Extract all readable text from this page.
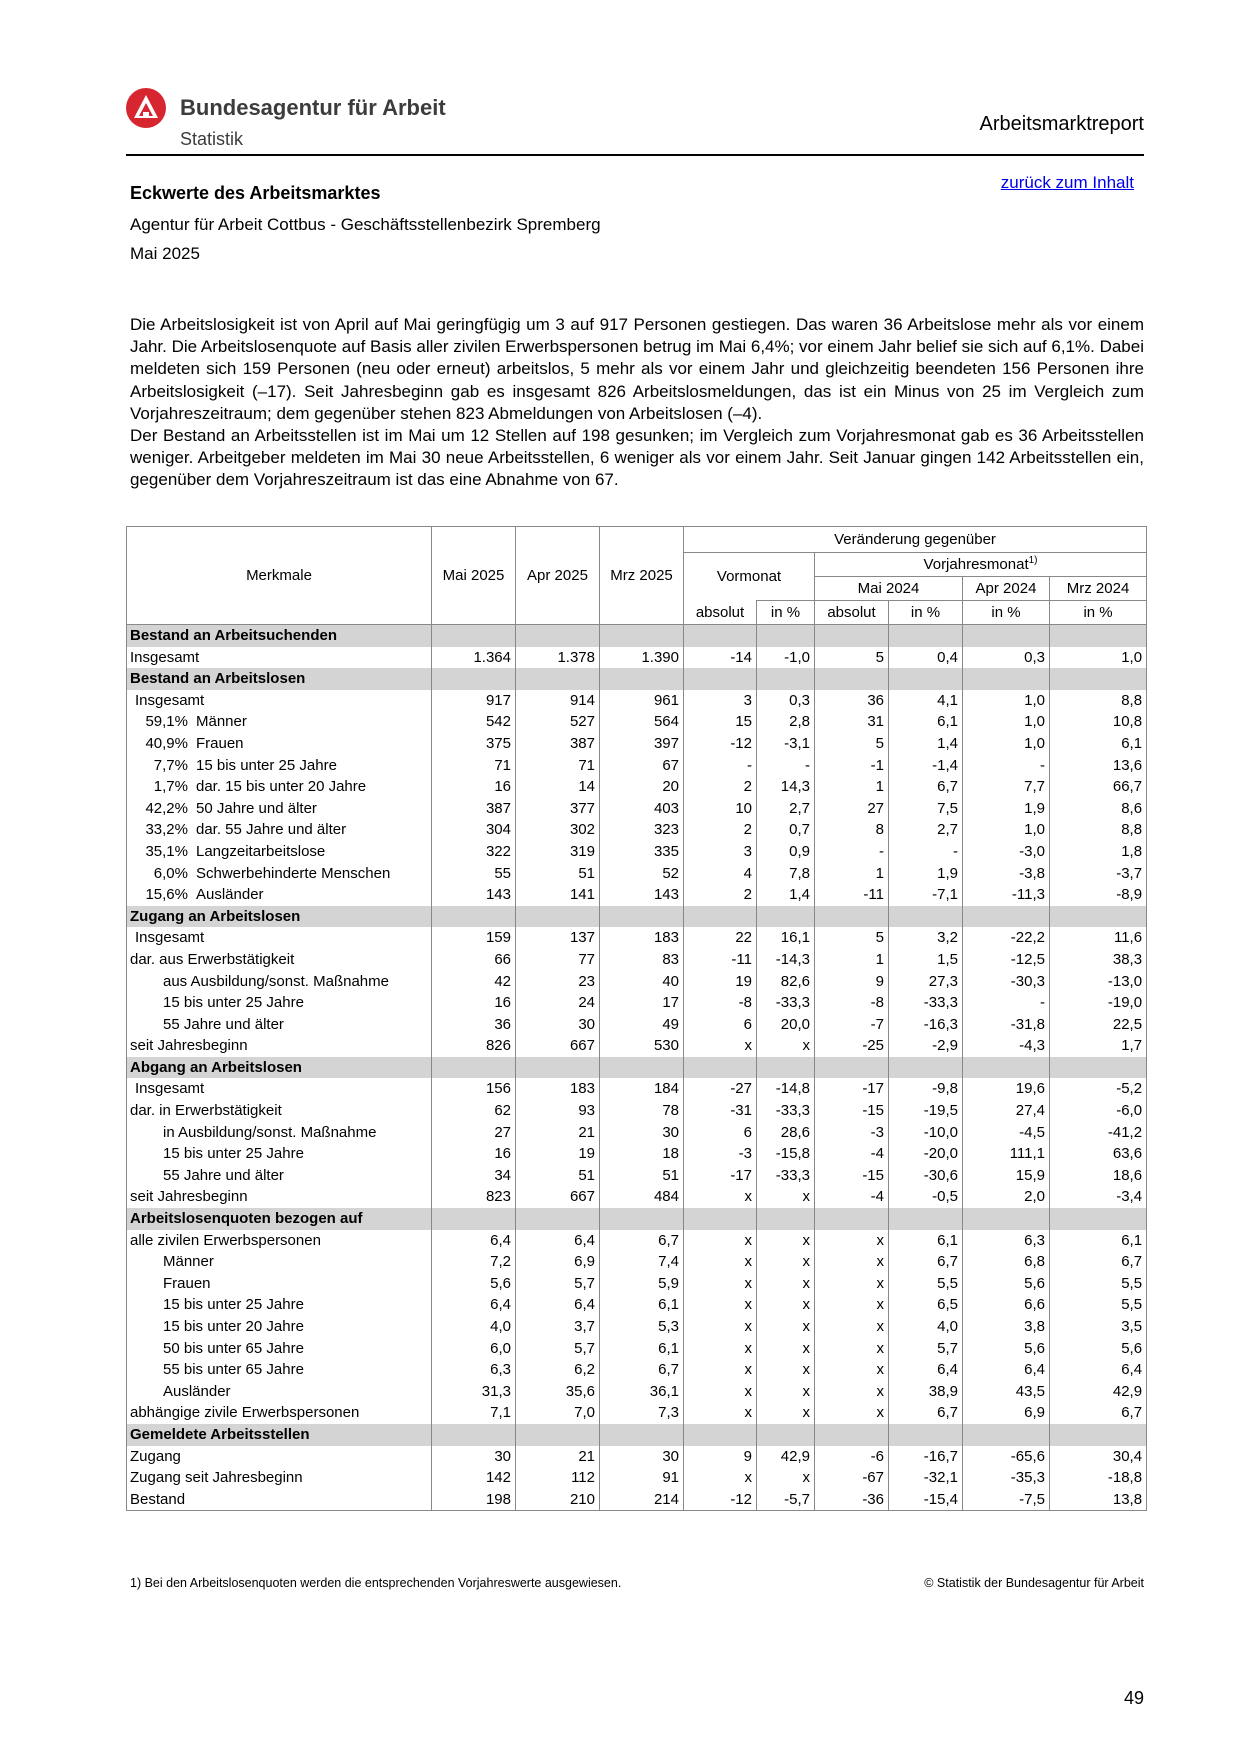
Bundesagentur für Arbeit
Statistik
Arbeitsmarktreport
Eckwerte des Arbeitsmarktes
zurück zum Inhalt
Agentur für Arbeit Cottbus - Geschäftsstellenbezirk Spremberg
Mai 2025

Die Arbeitslosigkeit ist von April auf Mai geringfügig um 3 auf 917 Personen gestiegen. Das waren 36 Arbeitslose mehr als vor einem Jahr. Die Arbeitslosenquote auf Basis aller zivilen Erwerbspersonen betrug im Mai 6,4%; vor einem Jahr belief sie sich auf 6,1%. Dabei meldeten sich 159 Personen (neu oder erneut) arbeitslos, 5 mehr als vor einem Jahr und gleichzeitig beendeten 156 Personen ihre Arbeitslosigkeit (–17). Seit Jahresbeginn gab es insgesamt 826 Arbeitslosmeldungen, das ist ein Minus von 25 im Vergleich zum Vorjahreszeitraum; dem gegenüber stehen 823 Abmeldungen von Arbeitslosen (–4).

Der Bestand an Arbeitsstellen ist im Mai um 12 Stellen auf 198 gesunken; im Vergleich zum Vorjahresmonat gab es 36 Arbeitsstellen weniger. Arbeitgeber meldeten im Mai 30 neue Arbeitsstellen, 6 weniger als vor einem Jahr. Seit Januar gingen 142 Arbeitsstellen ein, gegenüber dem Vorjahreszeitraum ist das eine Abnahme von 67.

Merkmale	Mai 2025	Apr 2025	Mrz 2025	Veränderung gegenüber					
				Vormonat		Vorjahresmonat$^{1)}$
						Mai 2024		Apr 2024	Mrz 2024
				absolut	in %	absolut	in %	in %	in %
Bestand an Arbeitsuchenden									
Insgesamt	1.364	1.378	1.390	-14	-1,0	5	0,4	0,3	1,0
Bestand an Arbeitslosen									
Insgesamt	917	914	961	3	0,3	36	4,1	1,0	8,8
59,1% Männer	542	527	564	15	2,8	31	6,1	1,0	10,8
40,9% Frauen	375	387	397	-12	-3,1	5	1,4	1,0	6,1
7,7% 15 bis unter 25 Jahre	71	71	67	-	-	-1	-1,4	-	13,6
1,7% dar. 15 bis unter 20 Jahre	16	14	20	2	14,3	1	6,7	7,7	66,7
42,2% 50 Jahre und älter	387	377	403	10	2,7	27	7,5	1,9	8,6
33,2% dar. 55 Jahre und älter	304	302	323	2	0,7	8	2,7	1,0	8,8
35,1% Langzeitarbeitslose	322	319	335	3	0,9	-	-	-3,0	1,8
6,0% Schwerbehinderte Menschen	55	51	52	4	7,8	1	1,9	-3,8	-3,7
15,6% Ausländer	143	141	143	2	1,4	-11	-7,1	-11,3	-8,9
Zugang an Arbeitslosen									
Insgesamt	159	137	183	22	16,1	5	3,2	-22,2	11,6
dar. aus Erwerbstätigkeit	66	77	83	-11	-14,3	1	1,5	-12,5	38,3
aus Ausbildung/sonst. Maßnahme	42	23	40	19	82,6	9	27,3	-30,3	-13,0
15 bis unter 25 Jahre	16	24	17	-8	-33,3	-8	-33,3	-	-19,0
55 Jahre und älter	36	30	49	6	20,0	-7	-16,3	-31,8	22,5
seit Jahresbeginn	826	667	530	x	x	-25	-2,9	-4,3	1,7
Abgang an Arbeitslosen									
Insgesamt	156	183	184	-27	-14,8	-17	-9,8	19,6	-5,2
dar. in Erwerbstätigkeit	62	93	78	-31	-33,3	-15	-19,5	27,4	-6,0
in Ausbildung/sonst. Maßnahme	27	21	30	6	28,6	-3	-10,0	-4,5	-41,2
15 bis unter 25 Jahre	16	19	18	-3	-15,8	-4	-20,0	111,1	63,6
55 Jahre und älter	34	51	51	-17	-33,3	-15	-30,6	15,9	18,6
seit Jahresbeginn	823	667	484	x	x	-4	-0,5	2,0	-3,4
Arbeitslosenquoten bezogen auf									
alle zivilen Erwerbspersonen	6,4	6,4	6,7	x	x	x	6,1	6,3	6,1
Männer	7,2	6,9	7,4	x	x	x	6,7	6,8	6,7
Frauen	5,6	5,7	5,9	x	x	x	5,5	5,6	5,5
15 bis unter 25 Jahre	6,4	6,4	6,1	x	x	x	6,5	6,6	5,5
15 bis unter 20 Jahre	4,0	3,7	5,3	x	x	x	4,0	3,8	3,5
50 bis unter 65 Jahre	6,0	5,7	6,1	x	x	x	5,7	5,6	5,6
55 bis unter 65 Jahre	6,3	6,2	6,7	x	x	x	6,4	6,4	6,4
Ausländer	31,3	35,6	36,1	x	x	x	38,9	43,5	42,9
abhängige zivile Erwerbspersonen	7,1	7,0	7,3	x	x	x	6,7	6,9	6,7
Gemeldete Arbeitsstellen									
Zugang	30	21	30	9	42,9	-6	-16,7	-65,6	30,4
Zugang seit Jahresbeginn	142	112	91	x	x	-67	-32,1	-35,3	-18,8
Bestand	198	210	214	-12	-5,7	-36	-15,4	-7,5	13,8
1) Bei den Arbeitslosenquoten werden die entsprechenden Vorjahreswerte ausgewiesen.	© Statistik der Bundesagentur für Arbeit
49
